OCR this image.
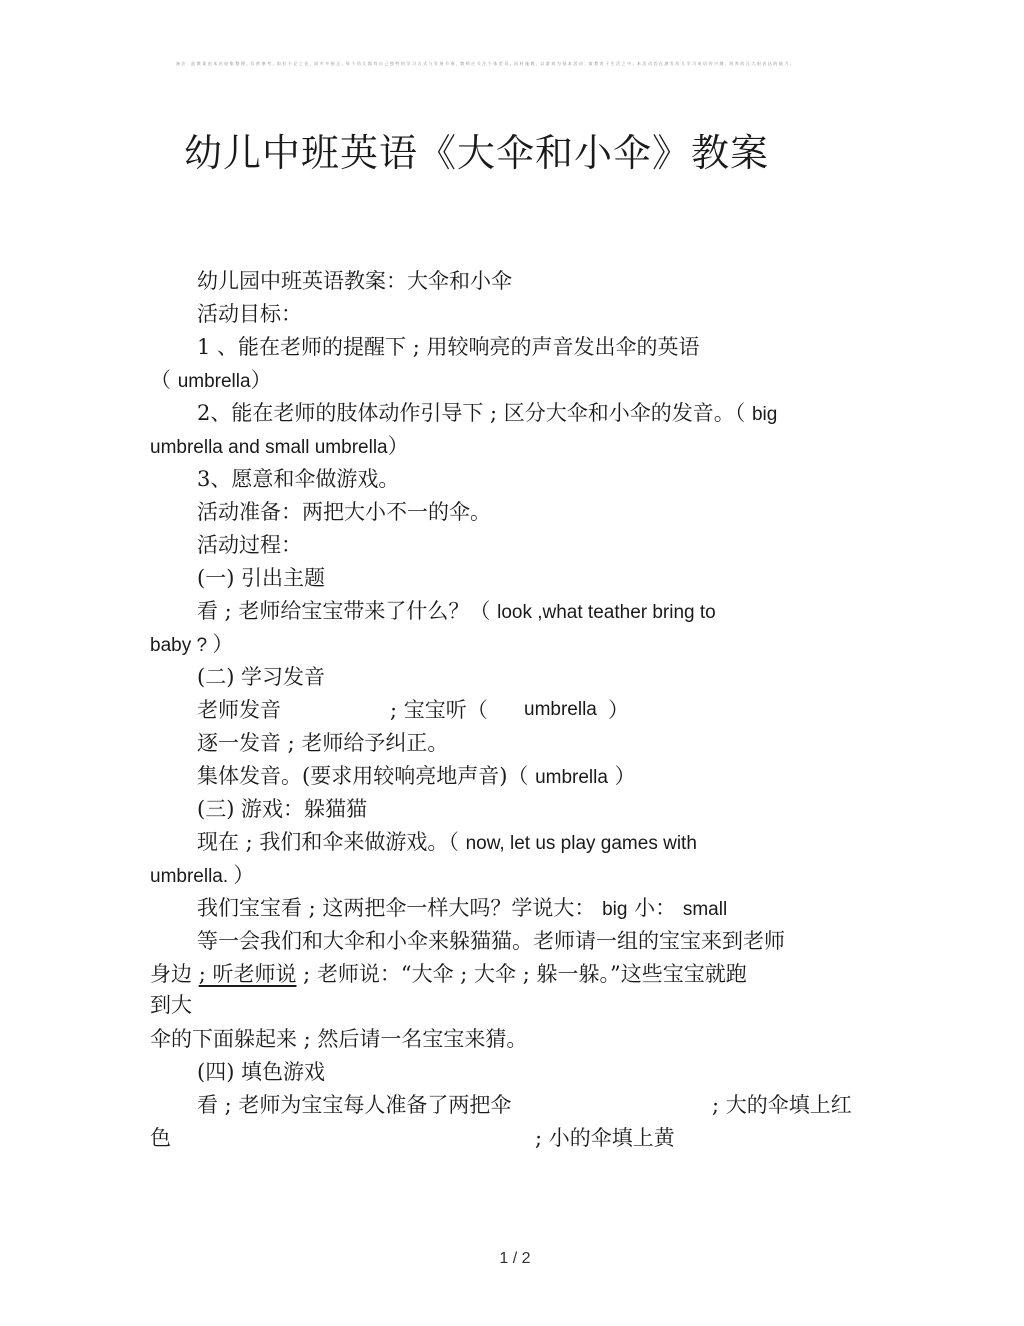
备 注 ：此 教 案 由 本 站 收 集 整 理 ，仅 供 参 考 。如 有 不 足 之 处 ，请 多 多 指 正 。每 个 幼 儿 都 有 自 己 独 特 的 学 习 方 式 与 发 展 节 奏 ，教 师 应 关 注 个 体 差 异 ，因 材 施 教 ，以 游 戏 为 基 本 活 动 ，寓 教 育 于 生 活 之 中 。本 活 动 旨 在 激 发 幼 儿 学 习 英 语 的 兴 趣 ，培 养 幼 儿 大 胆 表 达 的 能 力 。
幼儿中班英语《大伞和小伞》教案
幼儿园中班英语教案：大伞和小伞
活动目标：
1 、能在老师的提醒下 ; 用较响亮的声音发出伞的英语
（ umbrella）
2、能在老师的肢体动作引导下 ; 区分大伞和小伞的发音。（ big
umbrella and small umbrella）
3、愿意和伞做游戏。
活动准备：两把大小不一的伞。
活动过程：
(一) 引出主题
看 ; 老师给宝宝带来了什么？（ look ,what teather bring to
baby ? ）
(二) 学习发音
老师发音	; 宝宝听（ umbrella ）
逐一发音 ; 老师给予纠正。
集体发音。(要求用较响亮地声音)（ umbrella ）
(三) 游戏：躲猫猫
现在 ; 我们和伞来做游戏。（ now, let us play games with
umbrella. ）
我们宝宝看 ; 这两把伞一样大吗？学说大： big 小： small
等一会我们和大伞和小伞来躲猫猫。老师请一组的宝宝来到老师
身边 ; 听老师说 ; 老师说：“大伞 ; 大伞 ; 躲一躲。”这些宝宝就跑
到大
伞的下面躲起来 ; 然后请一名宝宝来猜。
(四) 填色游戏
看 ; 老师为宝宝每人准备了两把伞	; 大的伞填上红
色	; 小的伞填上黄
1 / 2
